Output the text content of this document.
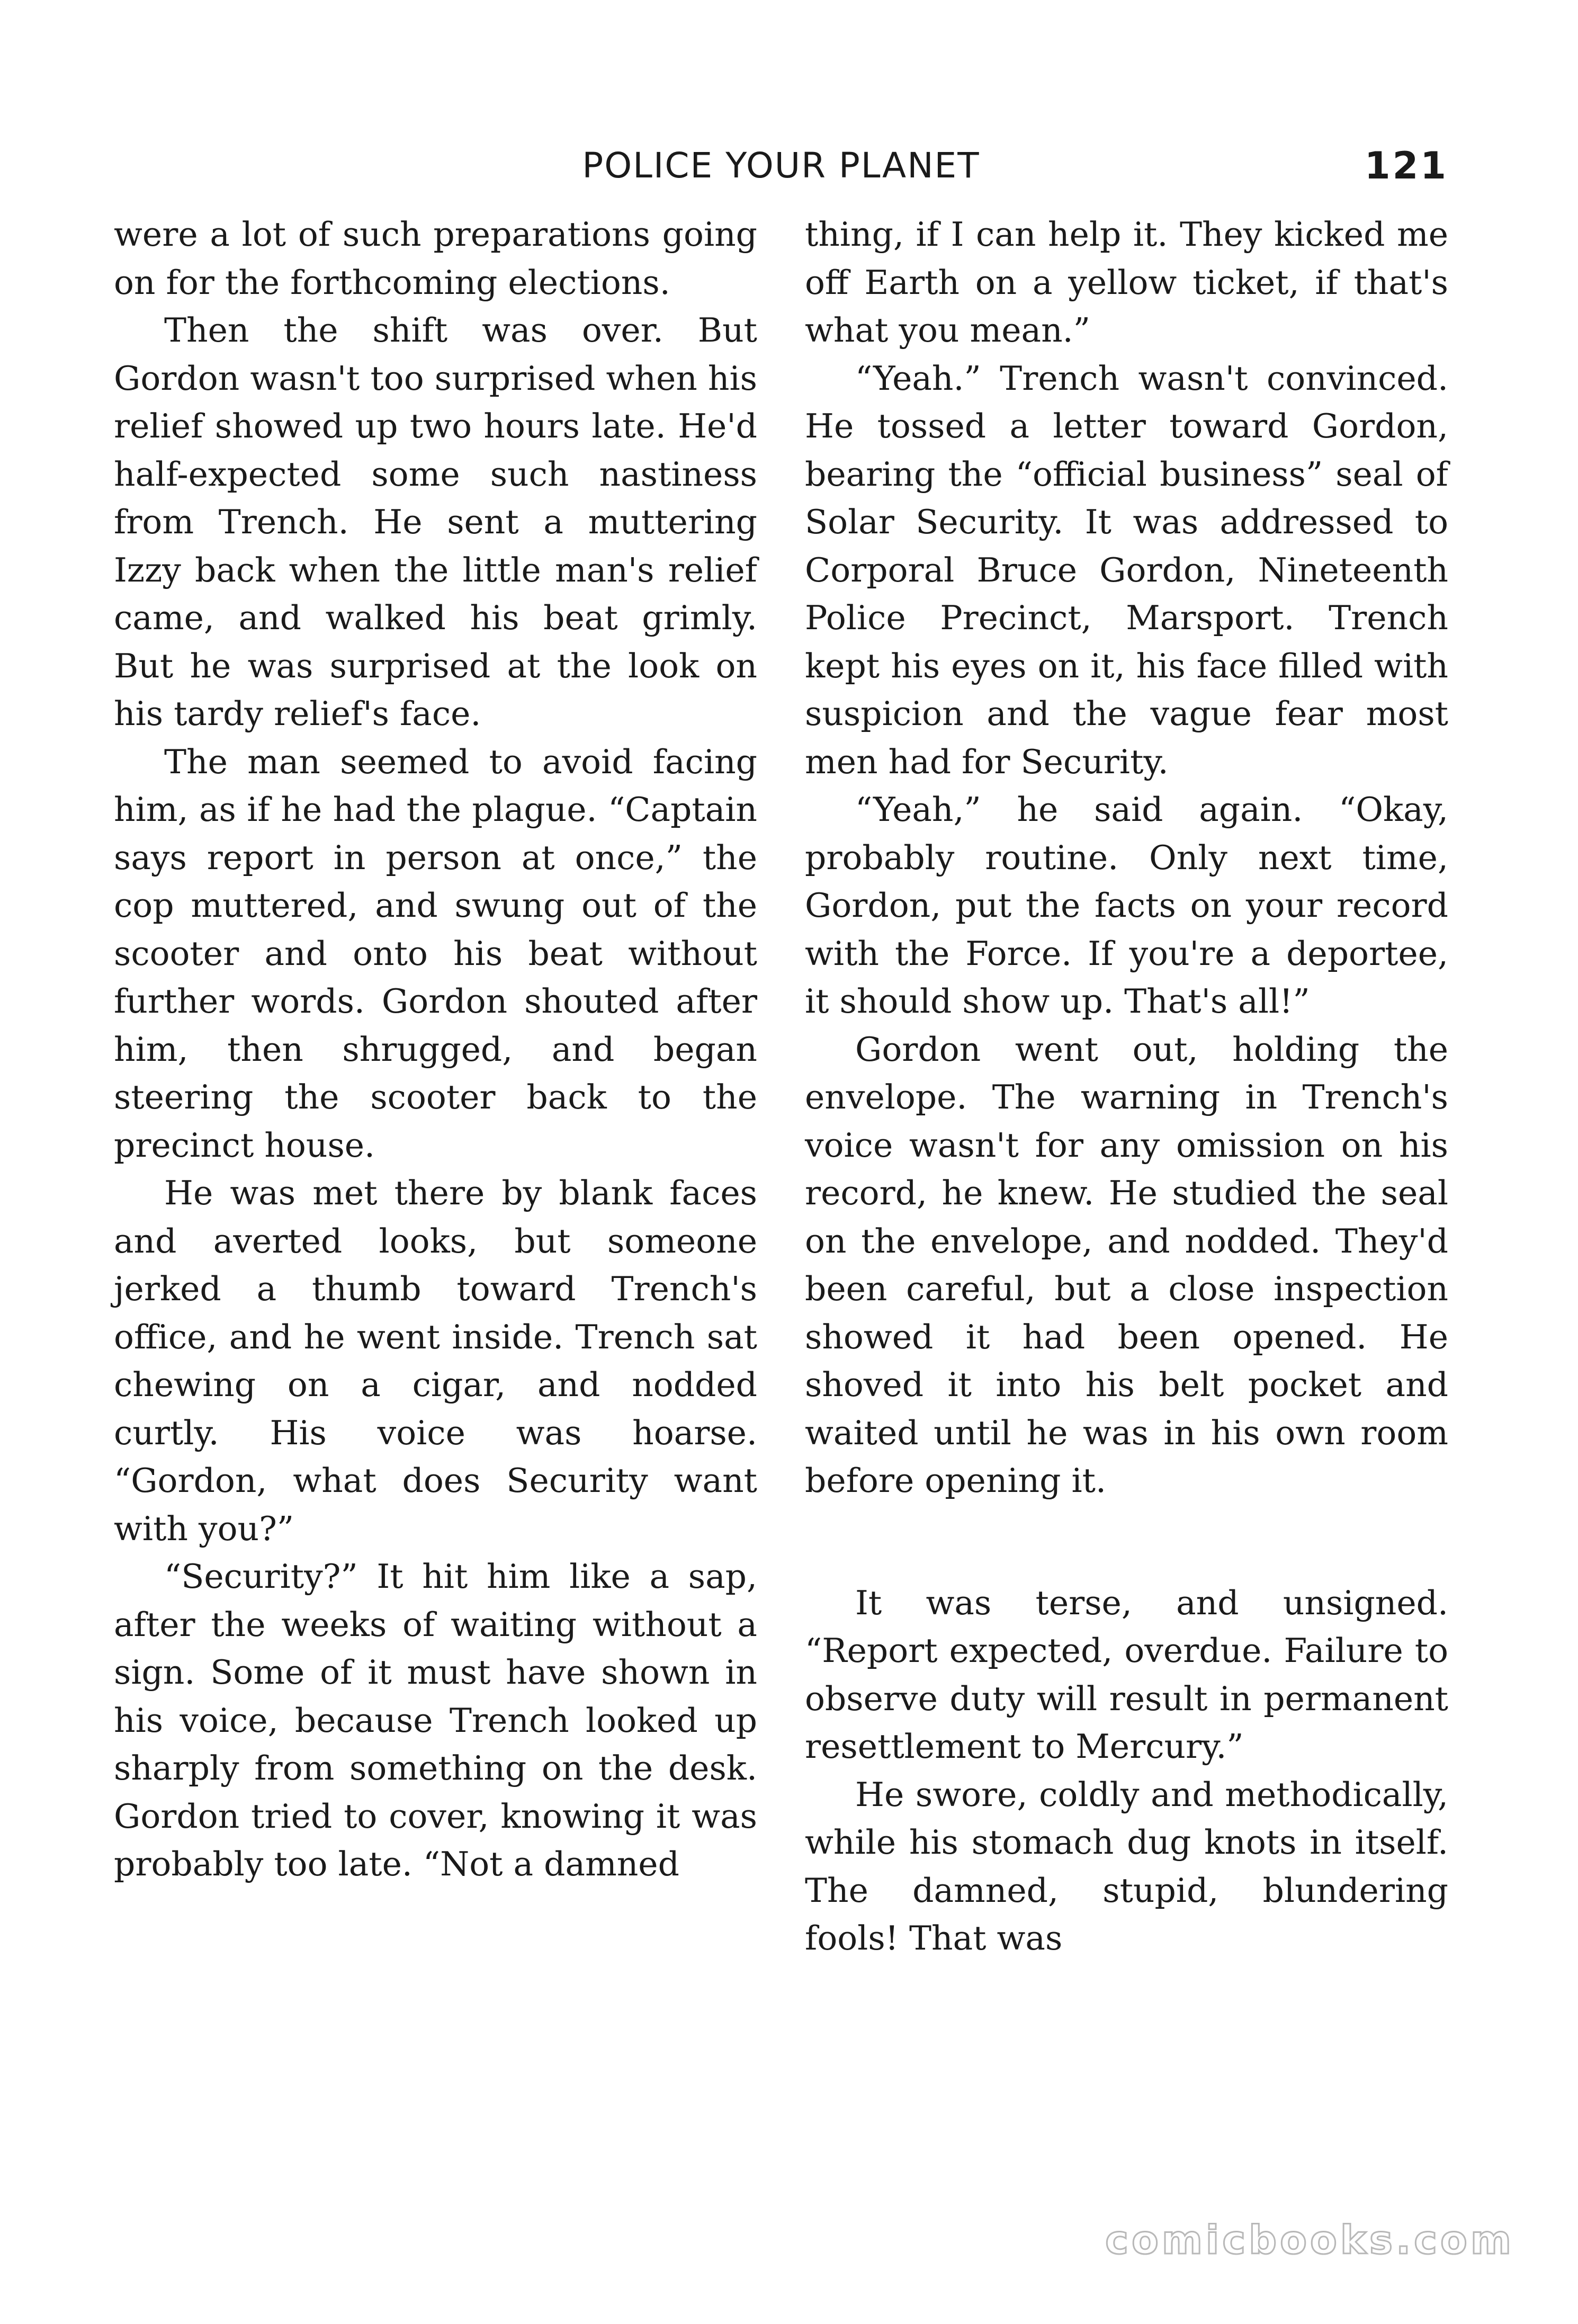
POLICE YOUR PLANET	121

were a lot of such preparations going on for the forthcoming elections.

Then the shift was over. But Gordon wasn't too surprised when his relief showed up two hours late. He'd half-expected some such nastiness from Trench. He sent a muttering Izzy back when the little man's relief came, and walked his beat grimly. But he was surprised at the look on his tardy relief's face.

The man seemed to avoid facing him, as if he had the plague. “Captain says report in person at once,” the cop muttered, and swung out of the scooter and onto his beat without further words. Gordon shouted after him, then shrugged, and began steering the scooter back to the precinct house.

He was met there by blank faces and averted looks, but someone jerked a thumb toward Trench's office, and he went inside. Trench sat chewing on a cigar, and nodded curtly. His voice was hoarse. “Gordon, what does Security want with you?”

“Security?” It hit him like a sap, after the weeks of waiting without a sign. Some of it must have shown in his voice, because Trench looked up sharply from something on the desk. Gordon tried to cover, knowing it was probably too late. “Not a damned

thing, if I can help it. They kicked me off Earth on a yellow ticket, if that's what you mean.”

“Yeah.” Trench wasn't convinced. He tossed a letter toward Gordon, bearing the “official business” seal of Solar Security. It was addressed to Corporal Bruce Gordon, Nineteenth Police Precinct, Marsport. Trench kept his eyes on it, his face filled with suspicion and the vague fear most men had for Security.

“Yeah,” he said again. “Okay, probably routine. Only next time, Gordon, put the facts on your record with the Force. If you're a deportee, it should show up. That's all!”

Gordon went out, holding the envelope. The warning in Trench's voice wasn't for any omission on his record, he knew. He studied the seal on the envelope, and nodded. They'd been careful, but a close inspection showed it had been opened. He shoved it into his belt pocket and waited until he was in his own room before opening it.

It was terse, and unsigned. “Report expected, overdue. Failure to observe duty will result in permanent resettlement to Mercury.”

He swore, coldly and methodically, while his stomach dug knots in itself. The damned, stupid, blundering fools! That was

comicbooks.com
